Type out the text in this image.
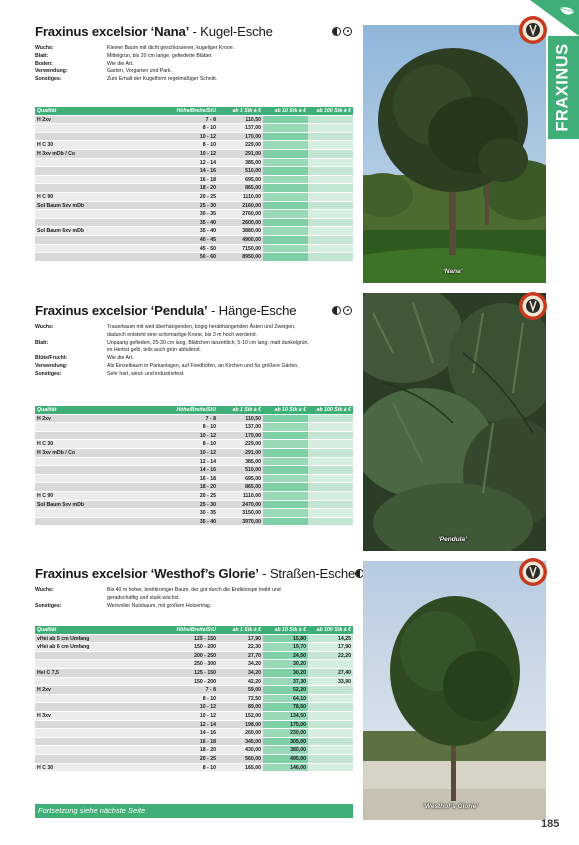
FRAXINUS
Fraxinus excelsior ‘Nana’ - Kugel-Esche
Wuchs:	Kleiner Baum mit dicht geschlossener, kugeliger Krone.
Blatt:	Mittelgrün, bis 20 cm lange, gefiederte Blätter.
Boden:	Wie die Art.
Verwendung:	Garten, Vorgarten und Park.
Sonstiges:	Zum Erhalt der Kugelform regelmäßiger Schnitt.
Qualität	Höhe/Breite/StU	ab 1 Stk à €	ab 10 Stk à €	ab 100 Stk à €
H 2xv	7 - 8	110,50
8 - 10	137,00
10 - 12	170,00
H C 30	8 - 10	229,00
H 3xv mDb / Co	10 - 12	291,00
12 - 14	385,00
14 - 16	510,00
16 - 18	695,00
18 - 20	865,00
H C 90	20 - 25	1110,00
Sol Baum 5xv mDb	25 - 30	2160,00
30 - 35	2760,00
35 - 40	2600,00
Sol Baum 6xv mDb	35 - 40	3880,00
40 - 45	4900,00
45 - 50	7150,00
50 - 60	8950,00
Fraxinus excelsior ‘Pendula’ - Hänge-Esche
Wuchs:	Trauerbaum mit weit überhängenden, bogig herabhängenden Ästen und Zweigen,
dadurch entsteht eine schirmartige Krone, bis 3 m hoch werdend.
Blatt:	Unpaarig gefiedert, 25-30 cm lang, Blättchen lanzettlich, 5-10 cm lang, matt dunkelgrün,
im Herbst gelb, teils auch grün abfallend.
Blüte/Frucht:	Wie die Art.
Verwendung:	Als Einzelbaum in Parkanlagen, auf Friedhöfen, an Kirchen und für größere Gärten.
Sonstiges:	Sehr hart, wind- und industriefest.
Qualität	Höhe/Breite/StU	ab 1 Stk à €	ab 10 Stk à €	ab 100 Stk à €
H 2xv	7 - 8	110,50
8 - 10	137,00
10 - 12	170,00
H C 30	8 - 10	229,00
H 3xv mDb / Co	10 - 12	291,00
12 - 14	385,00
14 - 16	510,00
16 - 18	695,00
18 - 20	865,00
H C 90	20 - 25	1110,00
Sol Baum 5xv mDb	25 - 30	2470,00
30 - 35	3150,00
35 - 40	3970,00
Fraxinus excelsior ‘Westhof’s Glorie’ - Straßen-Esche
Wuchs:	Bis 40 m hoher, breitkroniger Baum, der gut durch die Endknospe treibt und
geradschäftig und stark wächst.
Sonstiges:	Wertvoller Nutzbaum, mit großem Holzertrag.
Qualität	Höhe/Breite/StU	ab 1 Stk à €	ab 10 Stk à €	ab 100 Stk à €
vHei ab 5 cm Umfang	125 - 150	17,90	15,80	14,25
vHei ab 6 cm Umfang	150 - 200	22,30	19,70	17,90
200 - 250	27,70	24,50	22,20
250 - 300	34,20	30,20
Hei C 7,5	125 - 150	34,20	30,20	27,40
150 - 200	42,20	37,30	33,90
H 2xv	7 - 8	59,00	52,20
8 - 10	72,50	64,10
10 - 12	89,00	78,50
H 3xv	10 - 12	152,00	134,50
12 - 14	198,00	175,00
14 - 16	260,00	230,00
16 - 18	345,00	305,00
18 - 20	430,00	380,00
20 - 25	560,00	495,00
H C 30	8 - 10	165,00	146,00
Fortsetzung siehe nächste Seite
‘Nana’
‘Pendula’
‘Westhof’s Glorie’
185
